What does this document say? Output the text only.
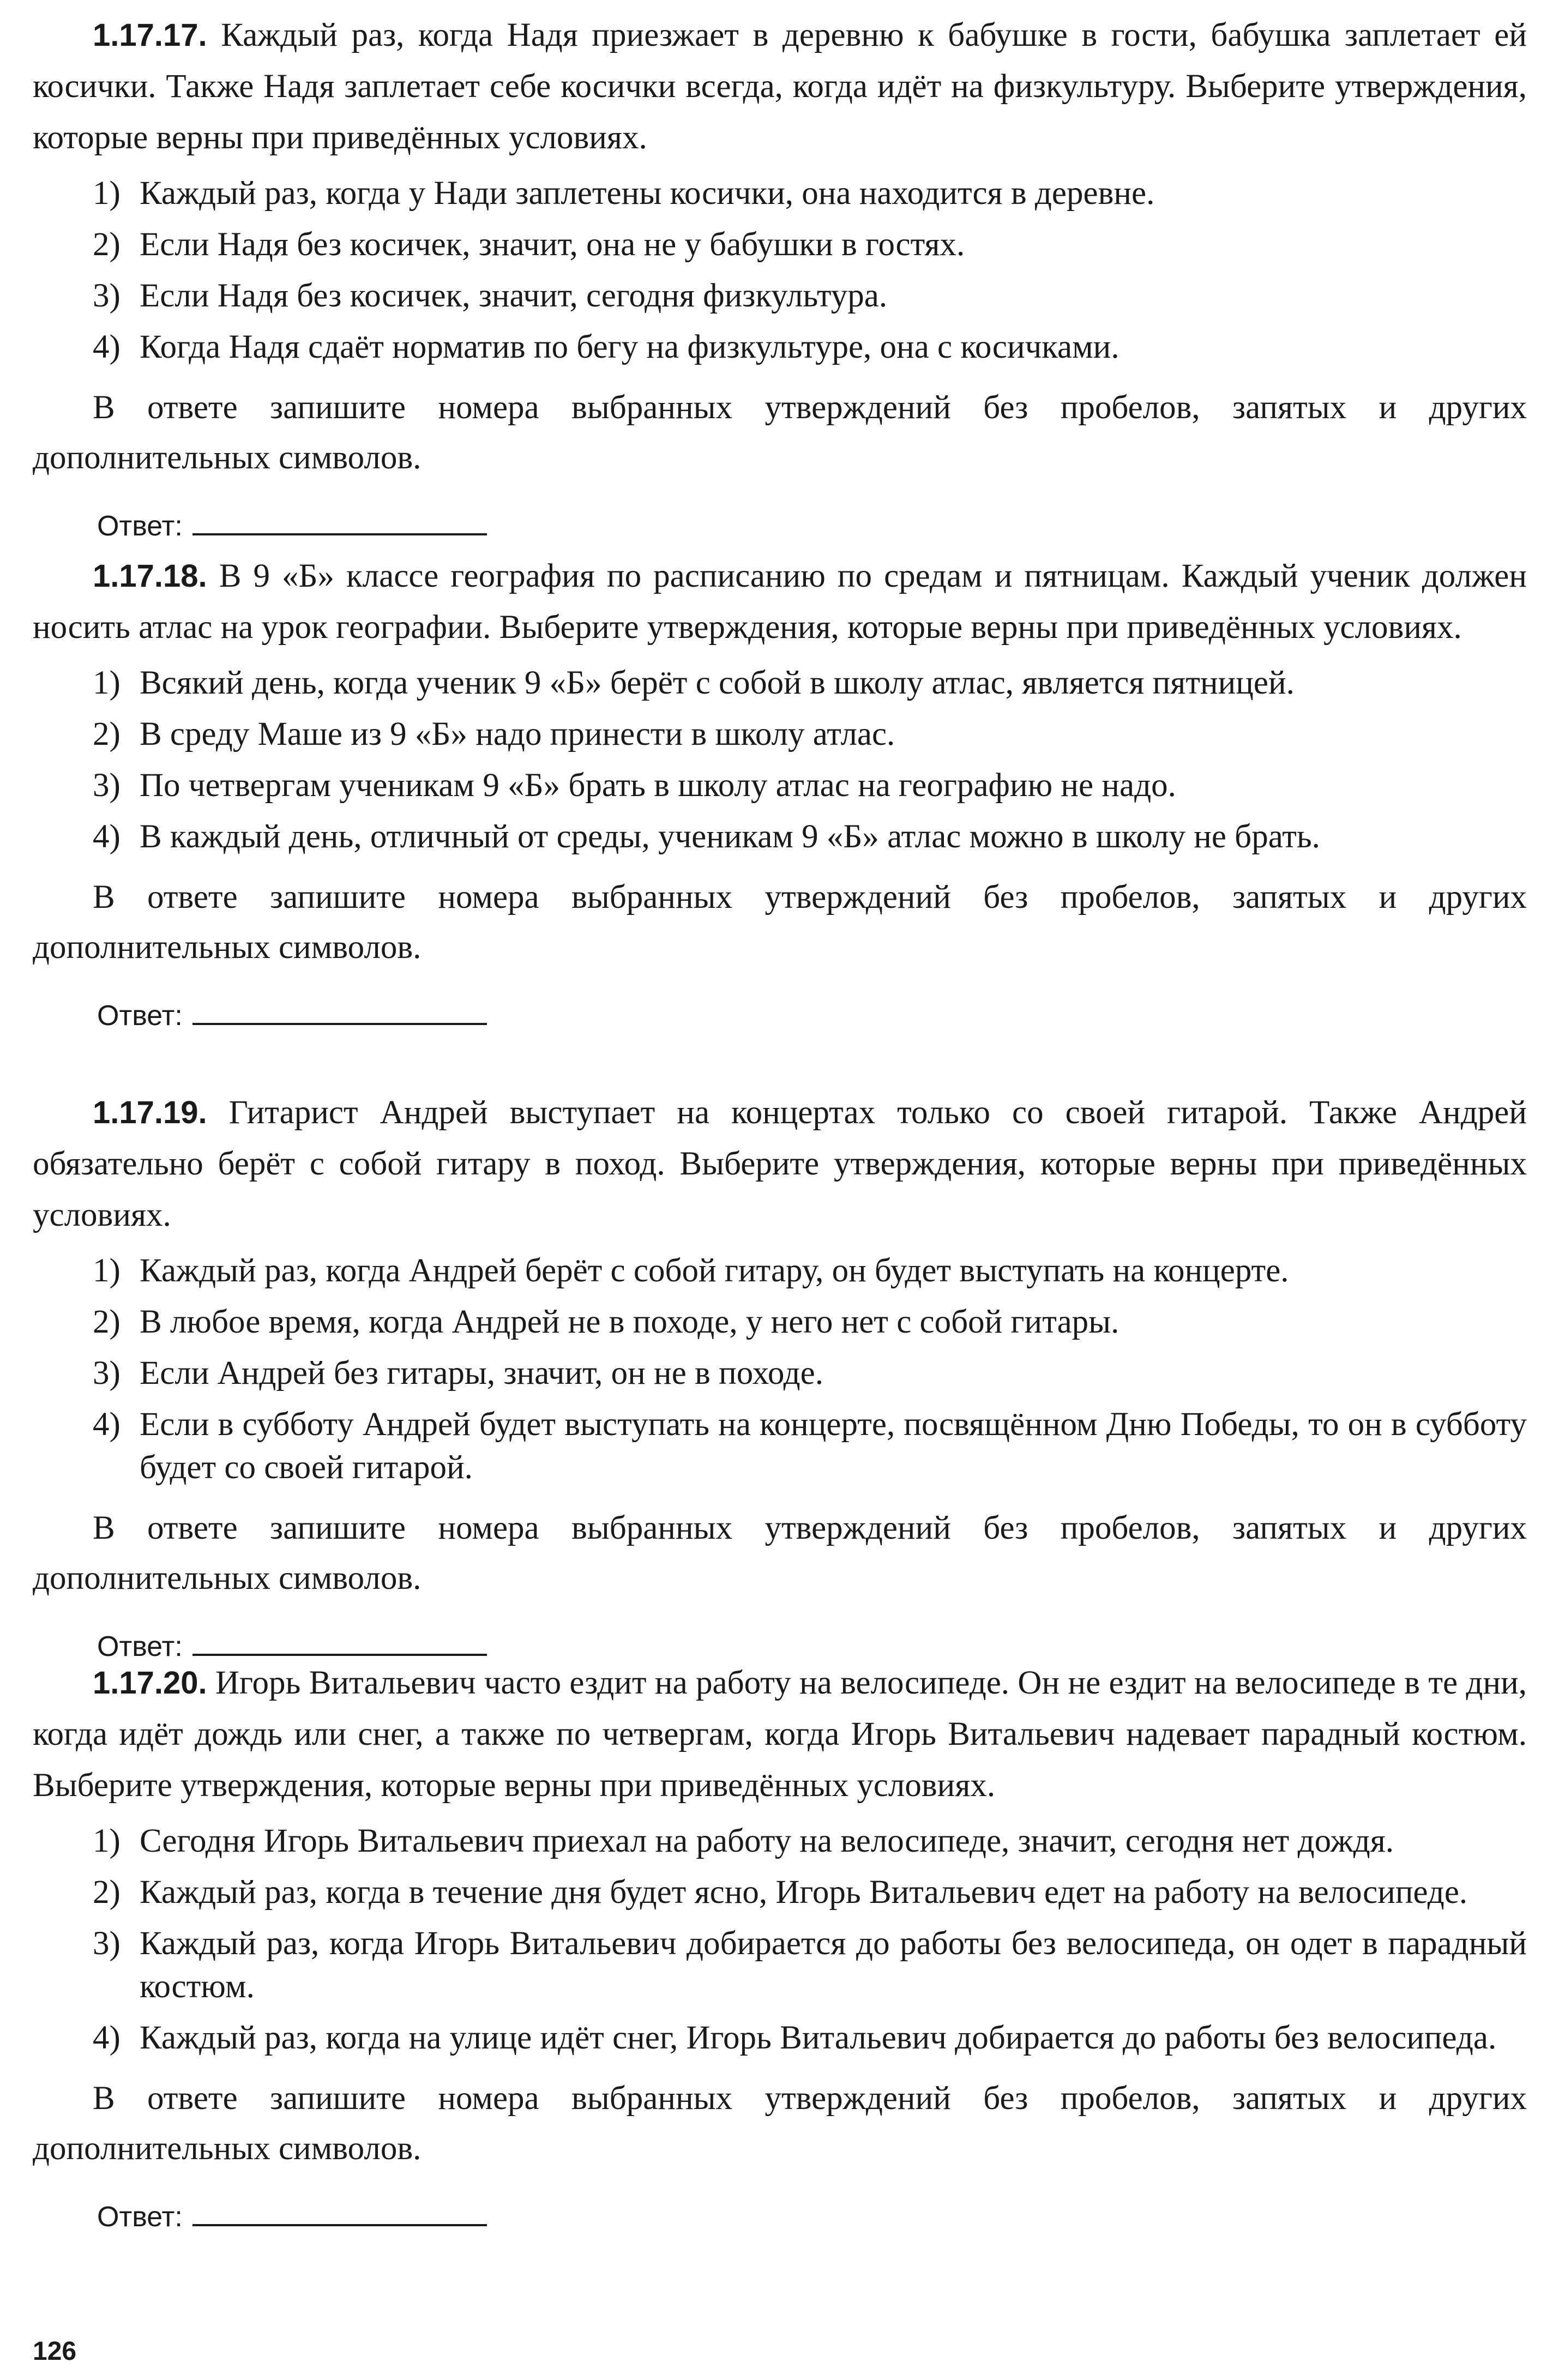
1.17.17. Каждый раз, когда Надя приезжает в деревню к бабушке в гости, бабушка заплетает ей косички. Также Надя заплетает себе косички всегда, когда идёт на физкультуру. Выберите утверждения, которые верны при приведённых условиях.

1) Каждый раз, когда у Нади заплетены косички, она находится в деревне.
2) Если Надя без косичек, значит, она не у бабушки в гостях.
3) Если Надя без косичек, значит, сегодня физкультура.
4) Когда Надя сдаёт норматив по бегу на физкультуре, она с косичками.

В ответе запишите номера выбранных утверждений без пробелов, запятых и других дополнительных символов.

Ответ:

1.17.18. В 9 «Б» классе география по расписанию по средам и пятницам. Каждый ученик должен носить атлас на урок географии. Выберите утверждения, которые верны при приведённых условиях.

1) Всякий день, когда ученик 9 «Б» берёт с собой в школу атлас, является пятницей.
2) В среду Маше из 9 «Б» надо принести в школу атлас.
3) По четвергам ученикам 9 «Б» брать в школу атлас на географию не надо.
4) В каждый день, отличный от среды, ученикам 9 «Б» атлас можно в школу не брать.

В ответе запишите номера выбранных утверждений без пробелов, запятых и других дополнительных символов.

Ответ:

1.17.19. Гитарист Андрей выступает на концертах только со своей гитарой. Также Андрей обязательно берёт с собой гитару в поход. Выберите утверждения, которые верны при приведённых условиях.

1) Каждый раз, когда Андрей берёт с собой гитару, он будет выступать на концерте.
2) В любое время, когда Андрей не в походе, у него нет с собой гитары.
3) Если Андрей без гитары, значит, он не в походе.
4) Если в субботу Андрей будет выступать на концерте, посвящённом Дню Победы, то он в субботу будет со своей гитарой.

В ответе запишите номера выбранных утверждений без пробелов, запятых и других дополнительных символов.

Ответ:

1.17.20. Игорь Витальевич часто ездит на работу на велосипеде. Он не ездит на велосипеде в те дни, когда идёт дождь или снег, а также по четвергам, когда Игорь Витальевич надевает парадный костюм. Выберите утверждения, которые верны при приведённых условиях.

1) Сегодня Игорь Витальевич приехал на работу на велосипеде, значит, сегодня нет дождя.
2) Каждый раз, когда в течение дня будет ясно, Игорь Витальевич едет на работу на велосипеде.
3) Каждый раз, когда Игорь Витальевич добирается до работы без велосипеда, он одет в парадный костюм.
4) Каждый раз, когда на улице идёт снег, Игорь Витальевич добирается до работы без велосипеда.

В ответе запишите номера выбранных утверждений без пробелов, запятых и других дополнительных символов.

Ответ:
126
